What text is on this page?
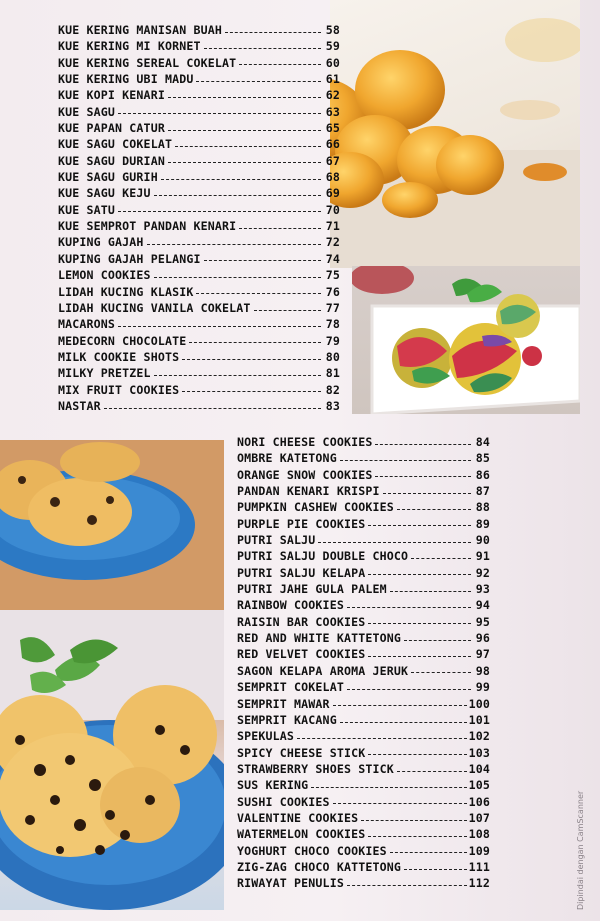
KUE KERING MANISAN BUAH	58
KUE KERING MI KORNET	59
KUE KERING SEREAL COKELAT	60
KUE KERING UBI MADU	61
KUE KOPI KENARI	62
KUE SAGU	63
KUE PAPAN CATUR	65
KUE SAGU COKELAT	66
KUE SAGU DURIAN	67
KUE SAGU GURIH	68
KUE SAGU KEJU	69
KUE SATU	70
KUE SEMPROT PANDAN KENARI	71
KUPING GAJAH	72
KUPING GAJAH PELANGI	74
LEMON COOKIES	75
LIDAH KUCING KLASIK	76
LIDAH KUCING VANILA COKELAT	77
MACARONS	78
MEDECORN CHOCOLATE	79
MILK COOKIE SHOTS	80
MILKY PRETZEL	81
MIX FRUIT COOKIES	82
NASTAR	83
NORI CHEESE COOKIES	84
OMBRE KATETONG	85
ORANGE SNOW COOKIES	86
PANDAN KENARI KRISPI	87
PUMPKIN CASHEW COOKIES	88
PURPLE PIE COOKIES	89
PUTRI SALJU	90
PUTRI SALJU DOUBLE CHOCO	91
PUTRI SALJU KELAPA	92
PUTRI JAHE GULA PALEM	93
RAINBOW COOKIES	94
RAISIN BAR COOKIES	95
RED AND WHITE KATTETONG	96
RED VELVET COOKIES	97
SAGON KELAPA AROMA JERUK	98
SEMPRIT COKELAT	99
SEMPRIT MAWAR	100
SEMPRIT KACANG	101
SPEKULAS	102
SPICY CHEESE STICK	103
STRAWBERRY SHOES STICK	104
SUS KERING	105
SUSHI COOKIES	106
VALENTINE COOKIES	107
WATERMELON COOKIES	108
YOGHURT CHOCO COOKIES	109
ZIG-ZAG CHOCO KATTETONG	111
RIWAYAT PENULIS	112	Dipindai dengan CamScanner
